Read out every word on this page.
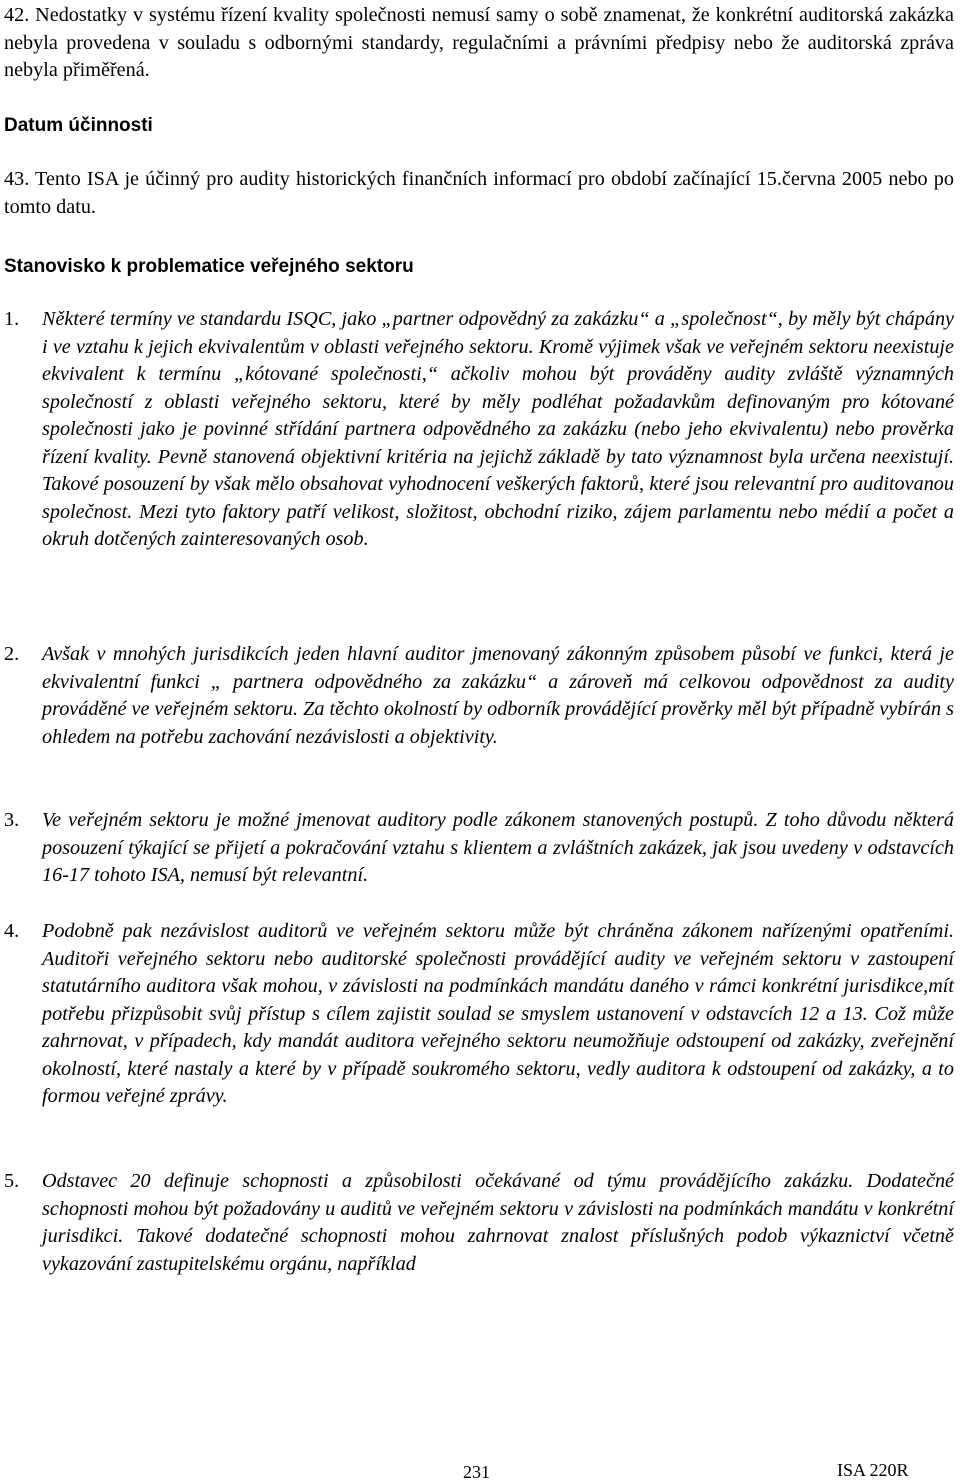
42. Nedostatky v systému řízení kvality společnosti nemusí samy o sobě znamenat, že konkrétní auditorská zakázka nebyla provedena v souladu s odbornými standardy, regulačními a právními předpisy nebo že auditorská zpráva nebyla přiměřená.

Datum účinnosti

43. Tento ISA je účinný pro audity historických finančních informací pro období začínající 15.června 2005 nebo po tomto datu.

Stanovisko k problematice veřejného sektoru
1. Některé termíny ve standardu ISQC, jako „partner odpovědný za zakázku“ a „společnost“, by měly být chápány i ve vztahu k jejich ekvivalentům v oblasti veřejného sektoru. Kromě výjimek však ve veřejném sektoru neexistuje ekvivalent k termínu „kótované společnosti,“ ačkoliv mohou být prováděny audity zvláště významných společností z oblasti veřejného sektoru, které by měly podléhat požadavkům definovaným pro kótované společnosti jako je povinné střídání partnera odpovědného za zakázku (nebo jeho ekvivalentu) nebo prověrka řízení kvality. Pevně stanovená objektivní kritéria na jejichž základě by tato významnost byla určena neexistují. Takové posouzení by však mělo obsahovat vyhodnocení veškerých faktorů, které jsou relevantní pro auditovanou společnost. Mezi tyto faktory patří velikost, složitost, obchodní riziko, zájem parlamentu nebo médií a počet a okruh dotčených zainteresovaných osob.
2. Avšak v mnohých jurisdikcích jeden hlavní auditor jmenovaný zákonným způsobem působí ve funkci, která je ekvivalentní funkci „ partnera odpovědného za zakázku“ a zároveň má celkovou odpovědnost za audity prováděné ve veřejném sektoru. Za těchto okolností by odborník provádějící prověrky měl být případně vybírán s ohledem na potřebu zachování nezávislosti a objektivity.
3. Ve veřejném sektoru je možné jmenovat auditory podle zákonem stanovených postupů. Z toho důvodu některá posouzení týkající se přijetí a pokračování vztahu s klientem a zvláštních zakázek, jak jsou uvedeny v odstavcích 16-17 tohoto ISA, nemusí být relevantní.
4. Podobně pak nezávislost auditorů ve veřejném sektoru může být chráněna zákonem nařízenými opatřeními. Auditoři veřejného sektoru nebo auditorské společnosti provádějící audity ve veřejném sektoru v zastoupení statutárního auditora však mohou, v závislosti na podmínkách mandátu daného v rámci konkrétní jurisdikce,mít potřebu přizpůsobit svůj přístup s cílem zajistit soulad se smyslem ustanovení v odstavcích 12 a 13. Což může zahrnovat, v případech, kdy mandát auditora veřejného sektoru neumožňuje odstoupení od zakázky, zveřejnění okolností, které nastaly a které by v případě soukromého sektoru, vedly auditora k odstoupení od zakázky, a to formou veřejné zprávy.
5. Odstavec 20 definuje schopnosti a způsobilosti očekávané od týmu provádějícího zakázku. Dodatečné schopnosti mohou být požadovány u auditů ve veřejném sektoru v závislosti na podmínkách mandátu v konkrétní jurisdikci. Takové dodatečné schopnosti mohou zahrnovat znalost příslušných podob výkaznictví včetně vykazování zastupitelskému orgánu, například
231	ISA 220R
